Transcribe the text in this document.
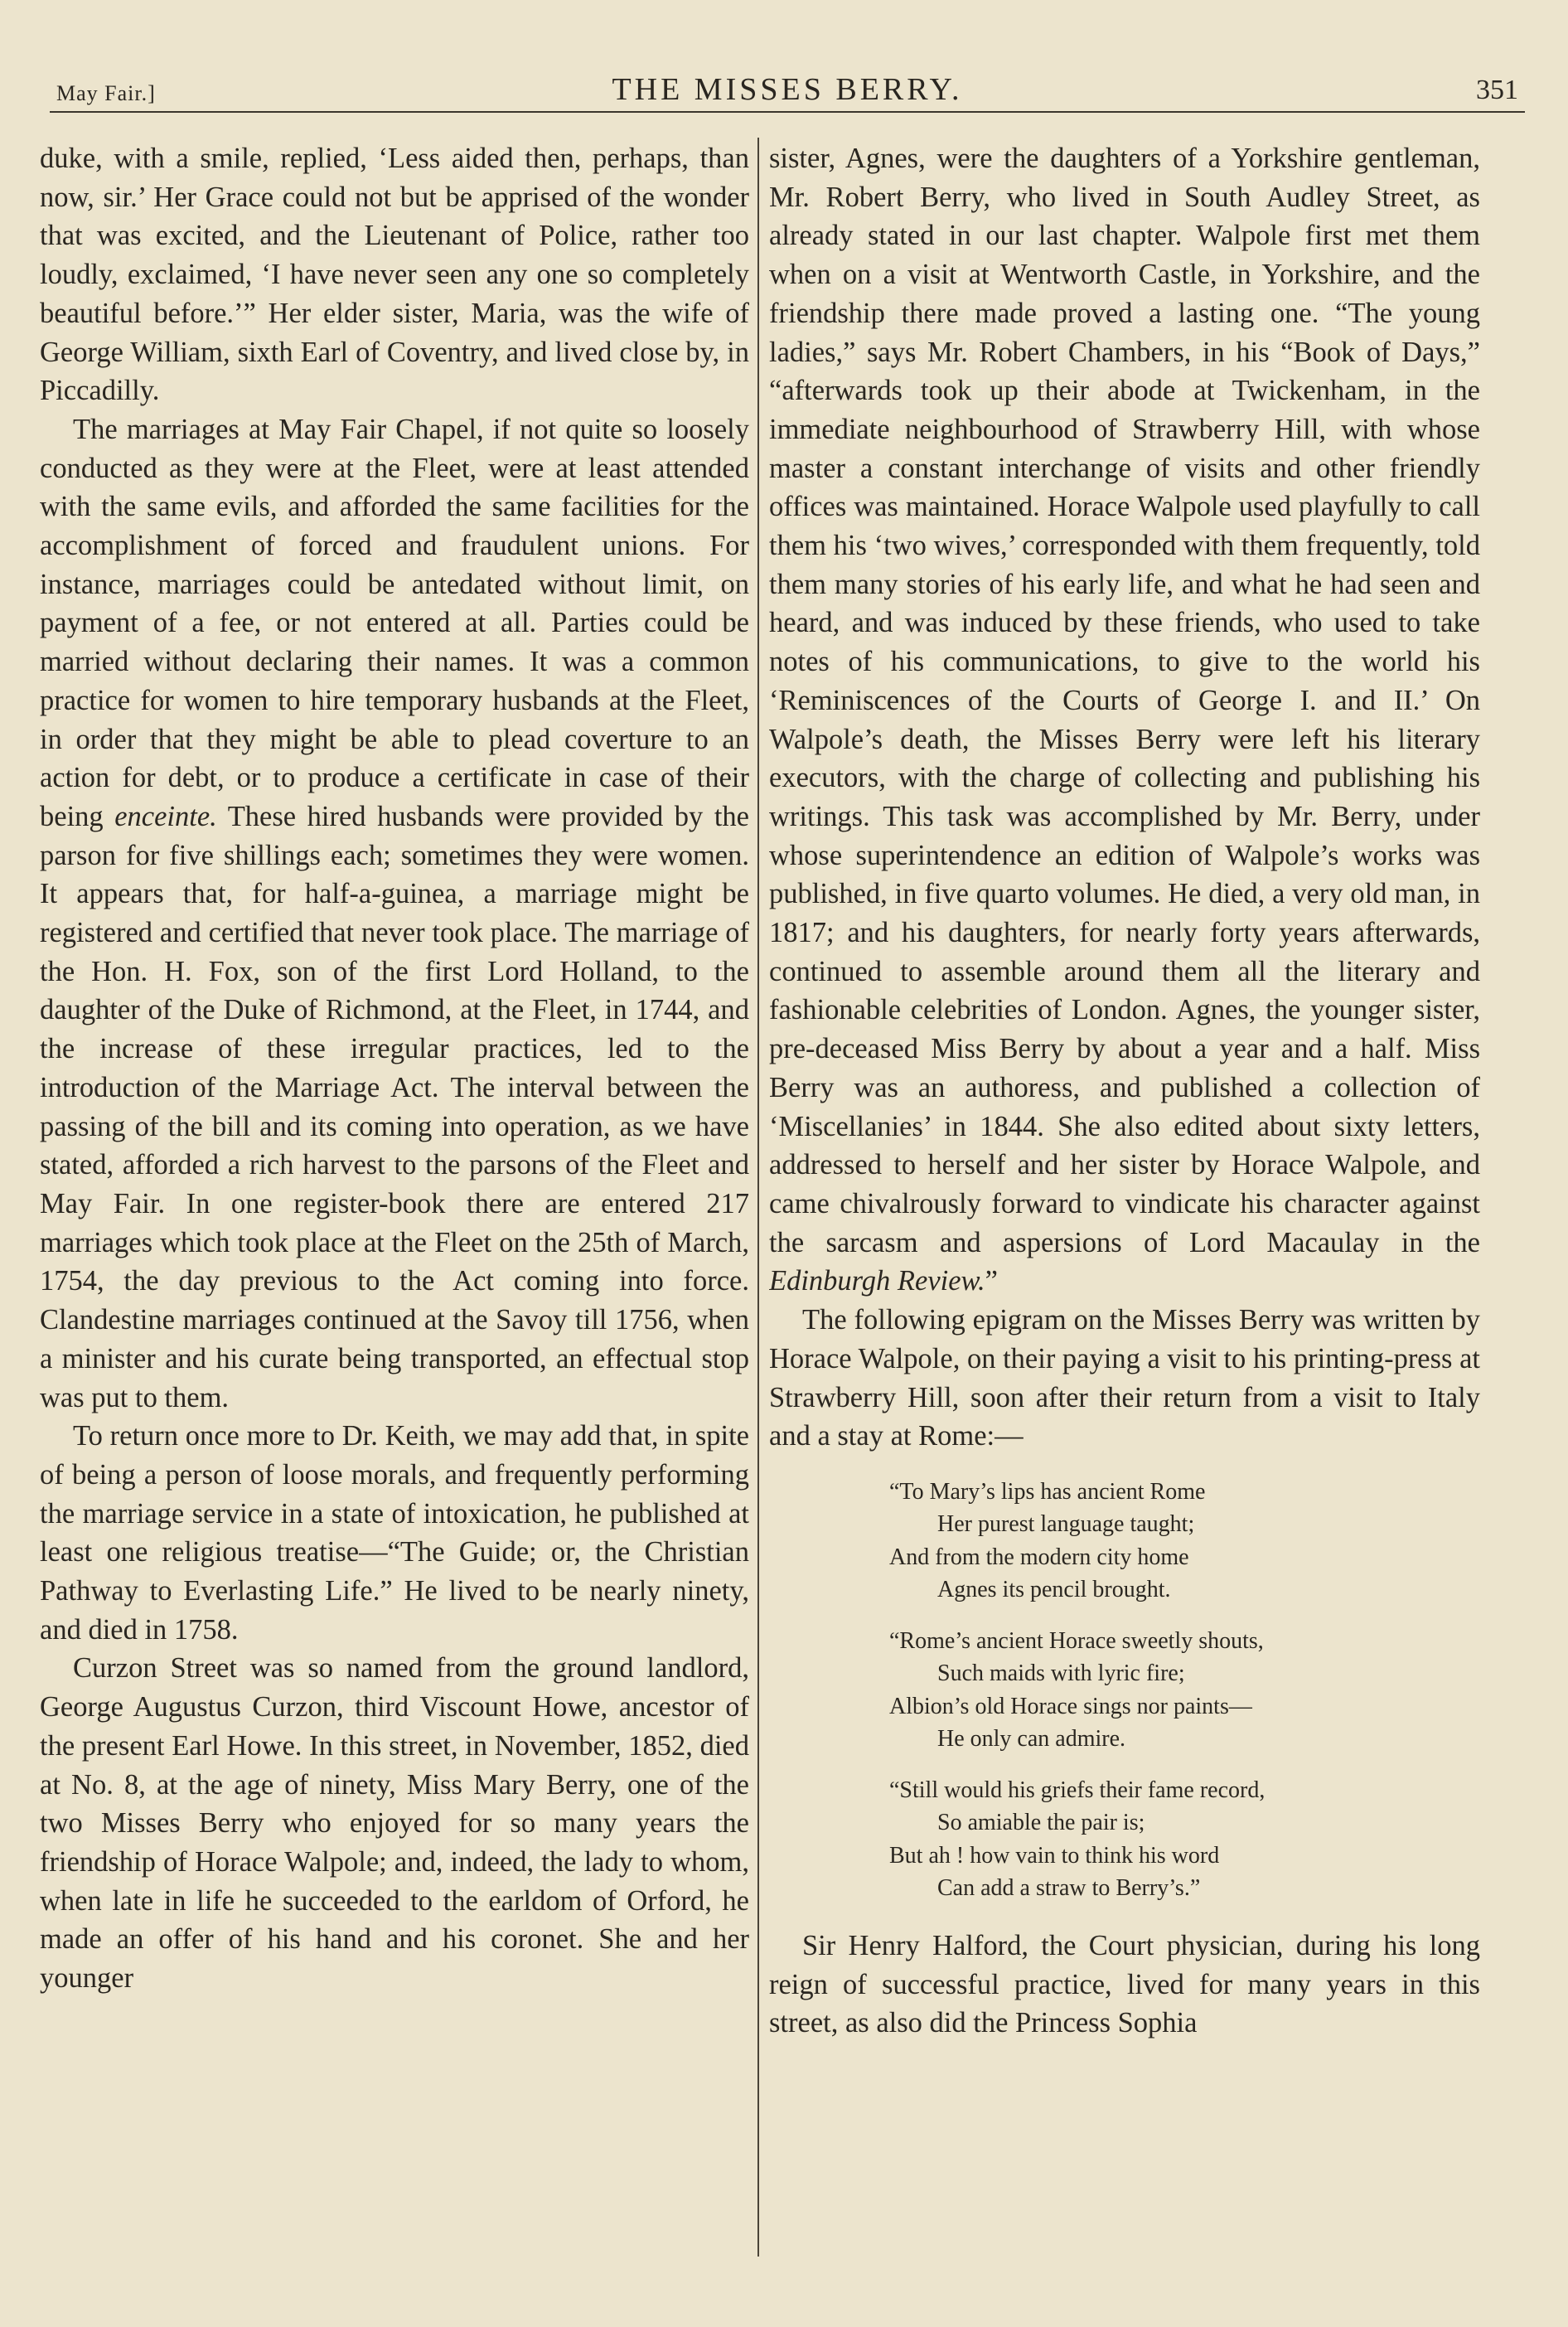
May Fair.]	THE MISSES BERRY.	351

duke, with a smile, replied, ‘Less aided then, perhaps, than now, sir.’ Her Grace could not but be apprised of the wonder that was excited, and the Lieutenant of Police, rather too loudly, exclaimed, ‘I have never seen any one so completely beautiful before.’” Her elder sister, Maria, was the wife of George William, sixth Earl of Coventry, and lived close by, in Piccadilly.

The marriages at May Fair Chapel, if not quite so loosely conducted as they were at the Fleet, were at least attended with the same evils, and afforded the same facilities for the accomplishment of forced and fraudulent unions. For instance, marriages could be antedated without limit, on payment of a fee, or not entered at all. Parties could be married without declaring their names. It was a common practice for women to hire temporary husbands at the Fleet, in order that they might be able to plead coverture to an action for debt, or to produce a certificate in case of their being enceinte. These hired husbands were provided by the parson for five shillings each; sometimes they were women. It appears that, for half-a-guinea, a marriage might be registered and certified that never took place. The marriage of the Hon. H. Fox, son of the first Lord Holland, to the daughter of the Duke of Richmond, at the Fleet, in 1744, and the increase of these irregular practices, led to the introduction of the Marriage Act. The interval between the passing of the bill and its coming into operation, as we have stated, afforded a rich harvest to the parsons of the Fleet and May Fair. In one register-book there are entered 217 marriages which took place at the Fleet on the 25th of March, 1754, the day previous to the Act coming into force. Clandestine marriages continued at the Savoy till 1756, when a minister and his curate being transported, an effectual stop was put to them.

To return once more to Dr. Keith, we may add that, in spite of being a person of loose morals, and frequently performing the marriage service in a state of intoxication, he published at least one religious treatise—“The Guide; or, the Christian Pathway to Everlasting Life.” He lived to be nearly ninety, and died in 1758.

Curzon Street was so named from the ground landlord, George Augustus Curzon, third Viscount Howe, ancestor of the present Earl Howe. In this street, in November, 1852, died at No. 8, at the age of ninety, Miss Mary Berry, one of the two Misses Berry who enjoyed for so many years the friendship of Horace Walpole; and, indeed, the lady to whom, when late in life he succeeded to the earldom of Orford, he made an offer of his hand and his coronet. She and her younger

sister, Agnes, were the daughters of a Yorkshire gentleman, Mr. Robert Berry, who lived in South Audley Street, as already stated in our last chapter. Walpole first met them when on a visit at Wentworth Castle, in Yorkshire, and the friendship there made proved a lasting one. “The young ladies,” says Mr. Robert Chambers, in his “Book of Days,” “afterwards took up their abode at Twickenham, in the immediate neighbourhood of Strawberry Hill, with whose master a constant interchange of visits and other friendly offices was maintained. Horace Walpole used playfully to call them his ‘two wives,’ corresponded with them frequently, told them many stories of his early life, and what he had seen and heard, and was induced by these friends, who used to take notes of his communications, to give to the world his ‘Reminiscences of the Courts of George I. and II.’ On Walpole’s death, the Misses Berry were left his literary executors, with the charge of collecting and publishing his writings. This task was accomplished by Mr. Berry, under whose superintendence an edition of Walpole’s works was published, in five quarto volumes. He died, a very old man, in 1817; and his daughters, for nearly forty years afterwards, continued to assemble around them all the literary and fashionable celebrities of London. Agnes, the younger sister, pre-deceased Miss Berry by about a year and a half. Miss Berry was an authoress, and published a collection of ‘Miscellanies’ in 1844. She also edited about sixty letters, addressed to herself and her sister by Horace Walpole, and came chivalrously forward to vindicate his character against the sarcasm and aspersions of Lord Macaulay in the Edinburgh Review.”

The following epigram on the Misses Berry was written by Horace Walpole, on their paying a visit to his printing-press at Strawberry Hill, soon after their return from a visit to Italy and a stay at Rome:—

“To Mary’s lips has ancient Rome
Her purest language taught;
And from the modern city home
Agnes its pencil brought.
“Rome’s ancient Horace sweetly shouts,
Such maids with lyric fire;
Albion’s old Horace sings nor paints—
He only can admire.
“Still would his griefs their fame record,
So amiable the pair is;
But ah ! how vain to think his word
Can add a straw to Berry’s.”

Sir Henry Halford, the Court physician, during his long reign of successful practice, lived for many years in this street, as also did the Princess Sophia
